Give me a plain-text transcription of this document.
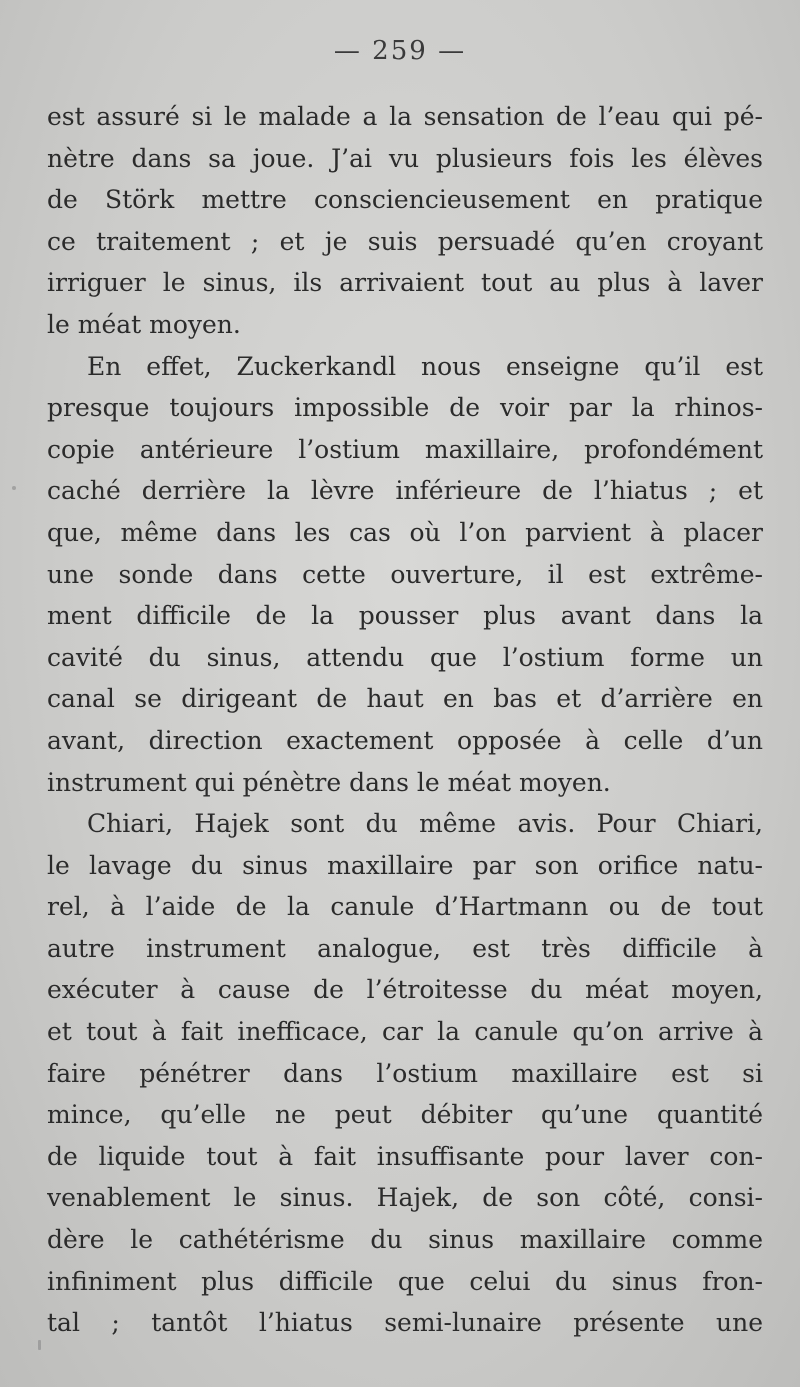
— 259 —
est assuré si le malade a la sensation de l’eau qui pé-
nètre dans sa joue. J’ai vu plusieurs fois les élèves
de Störk mettre consciencieusement en pratique
ce traitement ; et je suis persuadé qu’en croyant
irriguer le sinus, ils arrivaient tout au plus à laver
le méat moyen.
En effet, Zuckerkandl nous enseigne qu’il est
presque toujours impossible de voir par la rhinos-
copie antérieure l’ostium maxillaire, profondément
caché derrière la lèvre inférieure de l’hiatus ; et
que, même dans les cas où l’on parvient à placer
une sonde dans cette ouverture, il est extrême-
ment difficile de la pousser plus avant dans la
cavité du sinus, attendu que l’ostium forme un
canal se dirigeant de haut en bas et d’arrière en
avant, direction exactement opposée à celle d’un
instrument qui pénètre dans le méat moyen.
Chiari, Hajek sont du même avis. Pour Chiari,
le lavage du sinus maxillaire par son orifice natu-
rel, à l’aide de la canule d’Hartmann ou de tout
autre instrument analogue, est très difficile à
exécuter à cause de l’étroitesse du méat moyen,
et tout à fait inefficace, car la canule qu’on arrive à
faire pénétrer dans l’ostium maxillaire est si
mince, qu’elle ne peut débiter qu’une quantité
de liquide tout à fait insuffisante pour laver con-
venablement le sinus. Hajek, de son côté, consi-
dère le cathétérisme du sinus maxillaire comme
infiniment plus difficile que celui du sinus fron-
tal ; tantôt l’hiatus semi-lunaire présente une
